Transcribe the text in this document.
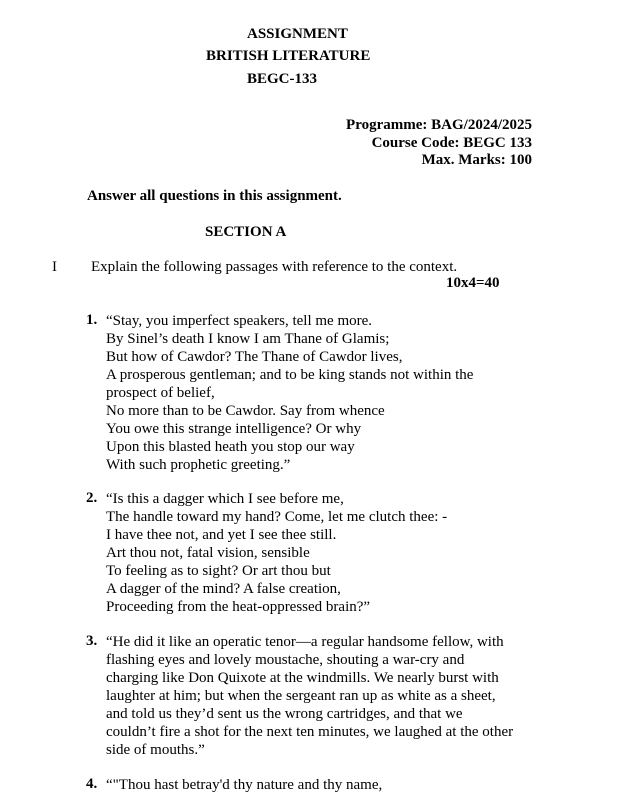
ASSIGNMENT
BRITISH LITERATURE
BEGC-133
Programme: BAG/2024/2025
Course Code: BEGC 133
Max. Marks: 100
Answer all questions in this assignment.
SECTION A
I Explain the following passages with reference to the context.
10x4=40
1. “Stay, you imperfect speakers, tell me more.
By Sinel’s death I know I am Thane of Glamis;
But how of Cawdor? The Thane of Cawdor lives,
A prosperous gentleman; and to be king stands not within the
prospect of belief,
No more than to be Cawdor. Say from whence
You owe this strange intelligence? Or why
Upon this blasted heath you stop our way
With such prophetic greeting.”
2. “Is this a dagger which I see before me,
The handle toward my hand? Come, let me clutch thee: -
I have thee not, and yet I see thee still.
Art thou not, fatal vision, sensible
To feeling as to sight? Or art thou but
A dagger of the mind? A false creation,
Proceeding from the heat-oppressed brain?”
3. “He did it like an operatic tenor—a regular handsome fellow, with
flashing eyes and lovely moustache, shouting a war-cry and
charging like Don Quixote at the windmills. We nearly burst with
laughter at him; but when the sergeant ran up as white as a sheet,
and told us they’d sent us the wrong cartridges, and that we
couldn’t fire a shot for the next ten minutes, we laughed at the other
side of mouths.”
4. “"Thou hast betray'd thy nature and thy name,
